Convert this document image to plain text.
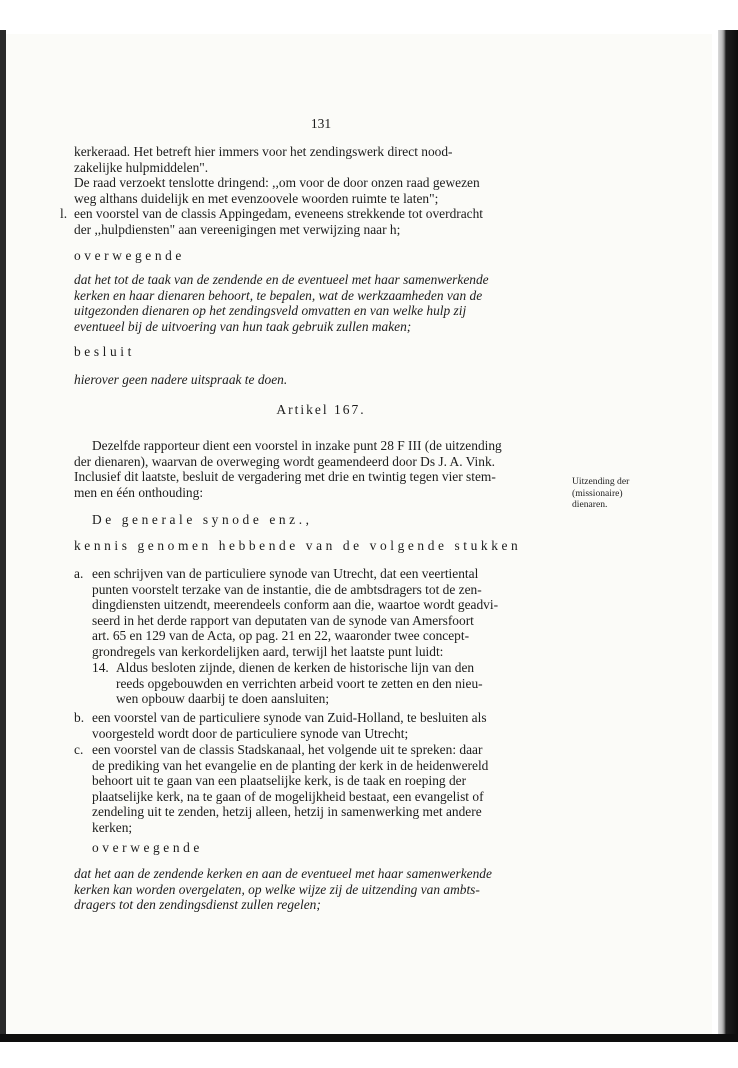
131
kerkeraad. Het betreft hier immers voor het zendingswerk direct nood-
zakelijke hulpmiddelen".
De raad verzoekt tenslotte dringend: ,,om voor de door onzen raad gewezen
weg althans duidelijk en met evenzoovele woorden ruimte te laten";
l. een voorstel van de classis Appingedam, eveneens strekkende tot overdracht
der ,,hulpdiensten" aan vereenigingen met verwijzing naar h;
overwegende
dat het tot de taak van de zendende en de eventueel met haar samenwerkende
kerken en haar dienaren behoort, te bepalen, wat de werkzaamheden van de
uitgezonden dienaren op het zendingsveld omvatten en van welke hulp zij
eventueel bij de uitvoering van hun taak gebruik zullen maken;
besluit
hierover geen nadere uitspraak te doen.
Artikel 167.
Dezelfde rapporteur dient een voorstel in inzake punt 28 F III (de uitzending
der dienaren), waarvan de overweging wordt geamendeerd door Ds J. A. Vink.
Inclusief dit laatste, besluit de vergadering met drie en twintig tegen vier stem-
men en één onthouding:
De generale synode enz.,
kennis genomen hebbende van de volgende stukken
a. een schrijven van de particuliere synode van Utrecht, dat een veertiental
punten voorstelt terzake van de instantie, die de ambtsdragers tot de zen-
dingdiensten uitzendt, meerendeels conform aan die, waartoe wordt geadvi-
seerd in het derde rapport van deputaten van de synode van Amersfoort
art. 65 en 129 van de Acta, op pag. 21 en 22, waaronder twee concept-
grondregels van kerkordelijken aard, terwijl het laatste punt luidt:
14. Aldus besloten zijnde, dienen de kerken de historische lijn van den
reeds opgebouwden en verrichten arbeid voort te zetten en den nieu-
wen opbouw daarbij te doen aansluiten;
b. een voorstel van de particuliere synode van Zuid-Holland, te besluiten als
voorgesteld wordt door de particuliere synode van Utrecht;
c. een voorstel van de classis Stadskanaal, het volgende uit te spreken: daar
de prediking van het evangelie en de planting der kerk in de heidenwereld
behoort uit te gaan van een plaatselijke kerk, is de taak en roeping der
plaatselijke kerk, na te gaan of de mogelijkheid bestaat, een evangelist of
zendeling uit te zenden, hetzij alleen, hetzij in samenwerking met andere
kerken;
overwegende
dat het aan de zendende kerken en aan de eventueel met haar samenwerkende
kerken kan worden overgelaten, op welke wijze zij de uitzending van ambts-
dragers tot den zendingsdienst zullen regelen;
Uitzending der
(missionaire)
dienaren.
